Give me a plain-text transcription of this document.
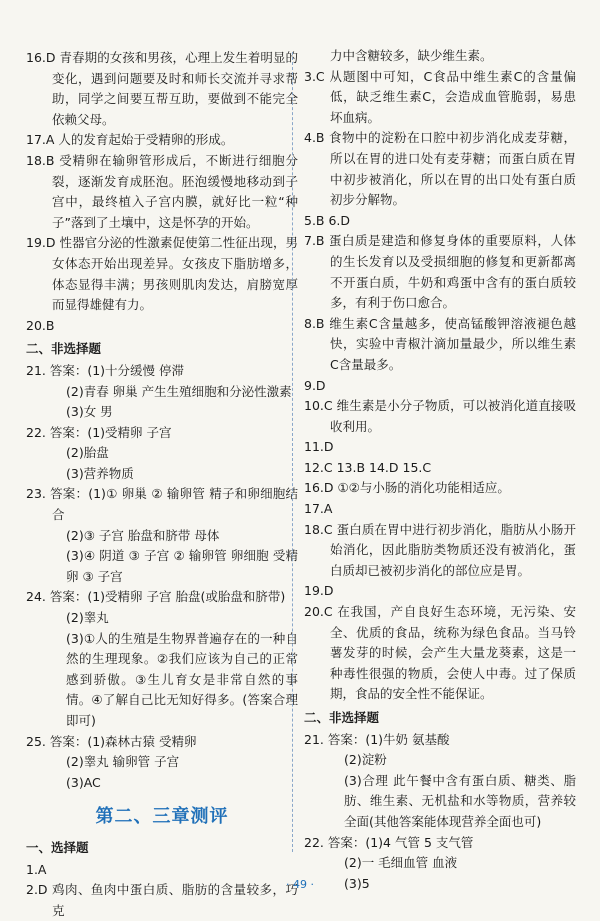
16.D 青春期的女孩和男孩，心理上发生着明显的变化，遇到问题要及时和师长交流并寻求帮助，同学之间要互帮互助，要做到不能完全依赖父母。

17.A 人的发育起始于受精卵的形成。

18.B 受精卵在输卵管形成后，不断进行细胞分裂，逐渐发育成胚泡。胚泡缓慢地移动到子宫中，最终植入子宫内膜，就好比一粒“种子”落到了土壤中，这是怀孕的开始。

19.D 性器官分泌的性激素促使第二性征出现，男女体态开始出现差异。女孩皮下脂肪增多，体态显得丰满；男孩则肌肉发达，肩膀宽厚而显得雄健有力。

20.B

二、非选择题

21. 答案：(1)十分缓慢 停滞

(2)青春 卵巢 产生生殖细胞和分泌性激素

(3)女 男

22. 答案：(1)受精卵 子宫

(2)胎盘

(3)营养物质

23. 答案：(1)① 卵巢 ② 输卵管 精子和卵细胞结合

(2)③ 子宫 胎盘和脐带 母体

(3)④ 阴道 ③ 子宫 ② 输卵管 卵细胞 受精卵 ③ 子宫

24. 答案：(1)受精卵 子宫 胎盘(或胎盘和脐带)

(2)睾丸

(3)①人的生殖是生物界普遍存在的一种自然的生理现象。②我们应该为自己的正常感到骄傲。③生儿育女是非常自然的事情。④了解自己比无知好得多。(答案合理即可)

25. 答案：(1)森林古猿 受精卵

(2)睾丸 输卵管 子宫

(3)AC

第二、三章测评

一、选择题

1.A

2.D 鸡肉、鱼肉中蛋白质、脂肪的含量较多，巧克

力中含糖较多，缺少维生素。

3.C 从题图中可知，C食品中维生素C的含量偏低，缺乏维生素C，会造成血管脆弱，易患坏血病。

4.B 食物中的淀粉在口腔中初步消化成麦芽糖，所以在胃的进口处有麦芽糖；而蛋白质在胃中初步被消化，所以在胃的出口处有蛋白质初步分解物。

5.B 6.D

7.B 蛋白质是建造和修复身体的重要原料，人体的生长发育以及受损细胞的修复和更新都离不开蛋白质，牛奶和鸡蛋中含有的蛋白质较多，有利于伤口愈合。

8.B 维生素C含量越多，使高锰酸钾溶液褪色越快，实验中青椒汁滴加量最少，所以维生素C含量最多。

9.D

10.C 维生素是小分子物质，可以被消化道直接吸收利用。

11.D

12.C 13.B 14.D 15.C

16.D ①②与小肠的消化功能相适应。

17.A

18.C 蛋白质在胃中进行初步消化，脂肪从小肠开始消化，因此脂肪类物质还没有被消化，蛋白质却已被初步消化的部位应是胃。

19.D

20.C 在我国，产自良好生态环境，无污染、安全、优质的食品，统称为绿色食品。当马铃薯发芽的时候，会产生大量龙葵素，这是一种毒性很强的物质，会使人中毒。过了保质期，食品的安全性不能保证。

二、非选择题

21. 答案：(1)牛奶 氨基酸

(2)淀粉

(3)合理 此午餐中含有蛋白质、糖类、脂肪、维生素、无机盐和水等物质，营养较全面(其他答案能体现营养全面也可)

22. 答案：(1)4 气管 5 支气管

(2)一 毛细血管 血液

(3)5

· 49 ·
